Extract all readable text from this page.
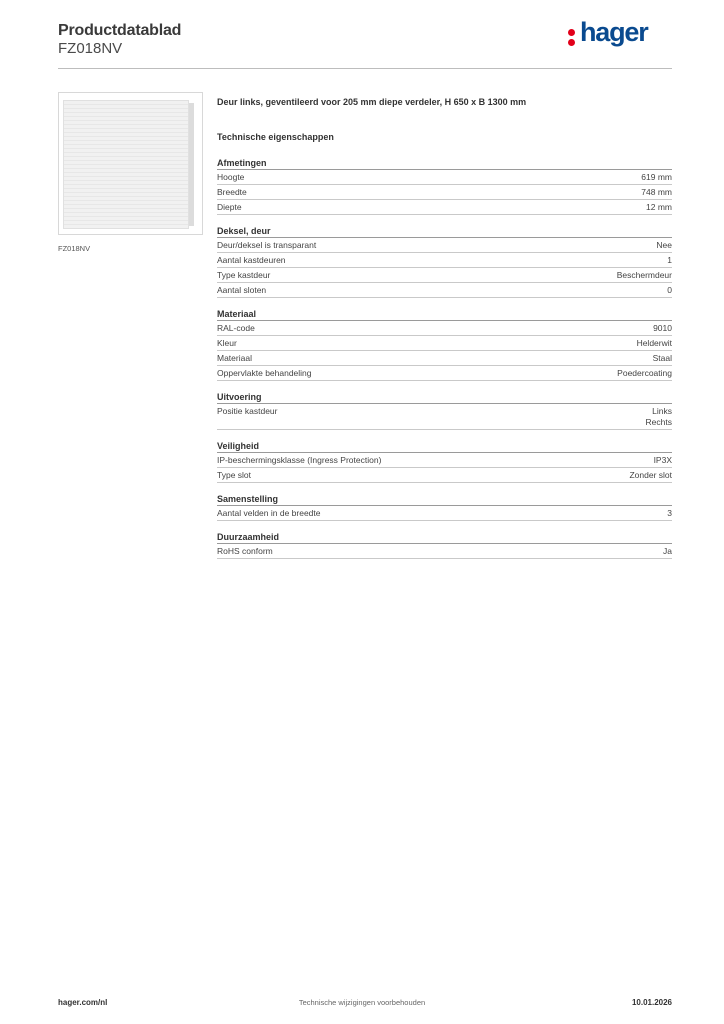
Productdatablad
FZ018NV
hager
FZ018NV
Deur links, geventileerd voor 205 mm diepe verdeler, H 650 x B 1300 mm
Technische eigenschappen
Afmetingen
Hoogte	619 mm
Breedte	748 mm
Diepte	12 mm
Deksel, deur
Deur/deksel is transparant	Nee
Aantal kastdeuren	1
Type kastdeur	Beschermdeur
Aantal sloten	0
Materiaal
RAL-code	9010
Kleur	Helderwit
Materiaal	Staal
Oppervlakte behandeling	Poedercoating
Uitvoering
Positie kastdeur	Links
Rechts
Veiligheid
IP-beschermingsklasse (Ingress Protection)	IP3X
Type slot	Zonder slot
Samenstelling
Aantal velden in de breedte	3
Duurzaamheid
RoHS conform	Ja
hager.com/nl	Technische wijzigingen voorbehouden	10.01.2026
